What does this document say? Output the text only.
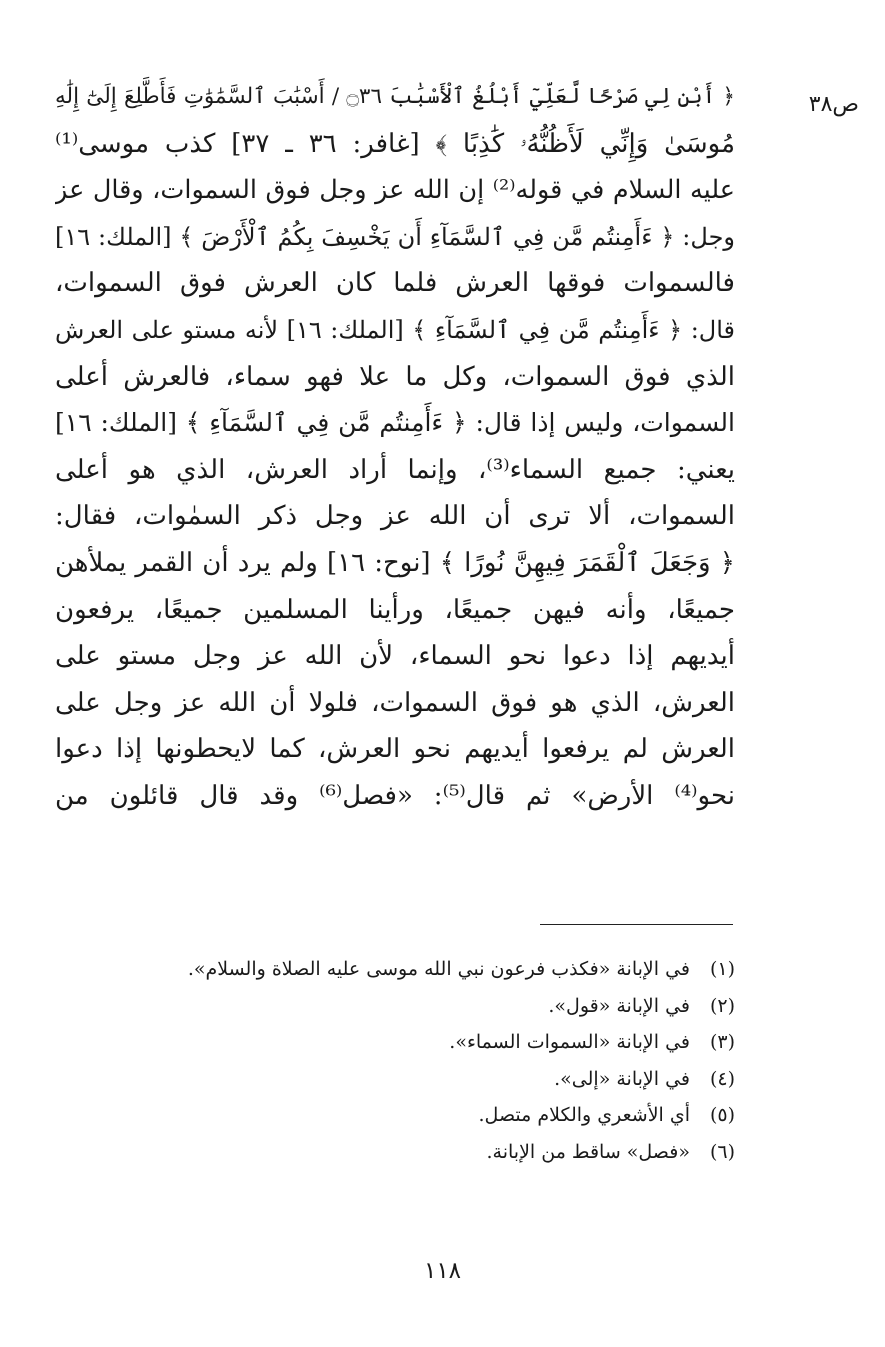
ص٣٨
﴿ أَبْنِ لِي صَرْحًا لَّعَلِّيٓ أَبْلُغُ ٱلْأَسْبَٰبَ ۝٣٦ / أَسْبَٰبَ ٱلسَّمَٰوَٰتِ فَأَطَّلِعَ إِلَىٰٓ إِلَٰهِ
مُوسَىٰ وَإِنِّي لَأَظُنُّهُۥ كَٰذِبًا ﴾ [غافر: ٣٦ ـ ٣٧] كذب موسى⁽¹⁾
عليه السلام في قوله⁽²⁾ إن الله عز وجل فوق السموات، وقال عز
وجل: ﴿ ءَأَمِنتُم مَّن فِي ٱلسَّمَآءِ أَن يَخْسِفَ بِكُمُ ٱلْأَرْضَ ﴾ [الملك: ١٦]
فالسموات فوقها العرش فلما كان العرش فوق السموات،
قال: ﴿ ءَأَمِنتُم مَّن فِي ٱلسَّمَآءِ ﴾ [الملك: ١٦] لأنه مستو على العرش
الذي فوق السموات، وكل ما علا فهو سماء، فالعرش أعلى
السموات، وليس إذا قال: ﴿ ءَأَمِنتُم مَّن فِي ٱلسَّمَآءِ ﴾ [الملك: ١٦]
يعني: جميع السماء⁽³⁾، وإنما أراد العرش، الذي هو أعلى
السموات، ألا ترى أن الله عز وجل ذكر السمٰوات، فقال:
﴿ وَجَعَلَ ٱلْقَمَرَ فِيهِنَّ نُورًا ﴾ [نوح: ١٦] ولم يرد أن القمر يملأهن
جميعًا، وأنه فيهن جميعًا، ورأينا المسلمين جميعًا، يرفعون
أيديهم إذا دعوا نحو السماء، لأن الله عز وجل مستو على
العرش، الذي هو فوق السموات، فلولا أن الله عز وجل على
العرش لم يرفعوا أيديهم نحو العرش، كما لايحطونها إذا دعوا
نحو⁽⁴⁾ الأرض» ثم قال⁽⁵⁾: «فصل⁽⁶⁾ وقد قال قائلون من
(١)
في الإبانة «فكذب فرعون نبي الله موسى عليه الصلاة والسلام».
(٢)
في الإبانة «قول».
(٣)
في الإبانة «السموات السماء».
(٤)
في الإبانة «إلى».
(٥)
أي الأشعري والكلام متصل.
(٦)
«فصل» ساقط من الإبانة.
١١٨
